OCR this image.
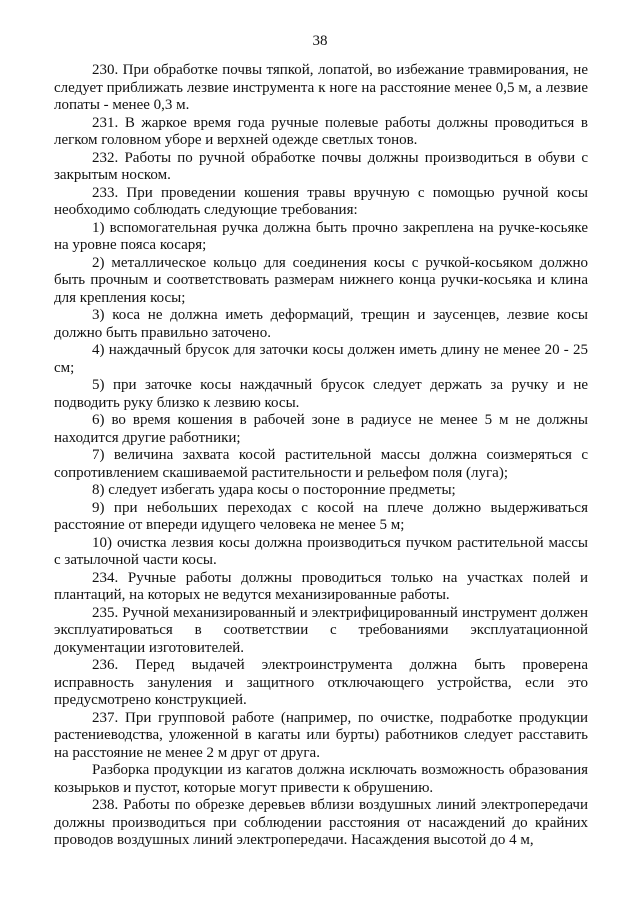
38

230. При обработке почвы тяпкой, лопатой, во избежание травмирования, не следует приближать лезвие инструмента к ноге на расстояние менее 0,5 м, а лезвие лопаты - менее 0,3 м.

231. В жаркое время года ручные полевые работы должны проводиться в легком головном уборе и верхней одежде светлых тонов.

232. Работы по ручной обработке почвы должны производиться в обуви с закрытым носком.

233. При проведении кошения травы вручную с помощью ручной косы необходимо соблюдать следующие требования:

1) вспомогательная ручка должна быть прочно закреплена на ручке-косьяке на уровне пояса косаря;

2) металлическое кольцо для соединения косы с ручкой-косьяком должно быть прочным и соответствовать размерам нижнего конца ручки-косьяка и клина для крепления косы;

3) коса не должна иметь деформаций, трещин и заусенцев, лезвие косы должно быть правильно заточено.

4) наждачный брусок для заточки косы должен иметь длину не менее 20 - 25 см;

5) при заточке косы наждачный брусок следует держать за ручку и не подводить руку близко к лезвию косы.

6) во время кошения в рабочей зоне в радиусе не менее 5 м не должны находится другие работники;

7) величина захвата косой растительной массы должна соизмеряться с сопротивлением скашиваемой растительности и рельефом поля (луга);

8) следует избегать удара косы о посторонние предметы;

9) при небольших переходах с косой на плече должно выдерживаться расстояние от впереди идущего человека не менее 5 м;

10) очистка лезвия косы должна производиться пучком растительной массы с затылочной части косы.

234. Ручные работы должны проводиться только на участках полей и плантаций, на которых не ведутся механизированные работы.

235. Ручной механизированный и электрифицированный инструмент должен эксплуатироваться в соответствии с требованиями эксплуатационной документации изготовителей.

236. Перед выдачей электроинструмента должна быть проверена исправность зануления и защитного отключающего устройства, если это предусмотрено конструкцией.

237. При групповой работе (например, по очистке, подработке продукции растениеводства, уложенной в кагаты или бурты) работников следует расставить на расстояние не менее 2 м друг от друга.

Разборка продукции из кагатов должна исключать возможность образования козырьков и пустот, которые могут привести к обрушению.

238. Работы по обрезке деревьев вблизи воздушных линий электропередачи должны производиться при соблюдении расстояния от насаждений до крайних проводов воздушных линий электропередачи. Насаждения высотой до 4 м,
